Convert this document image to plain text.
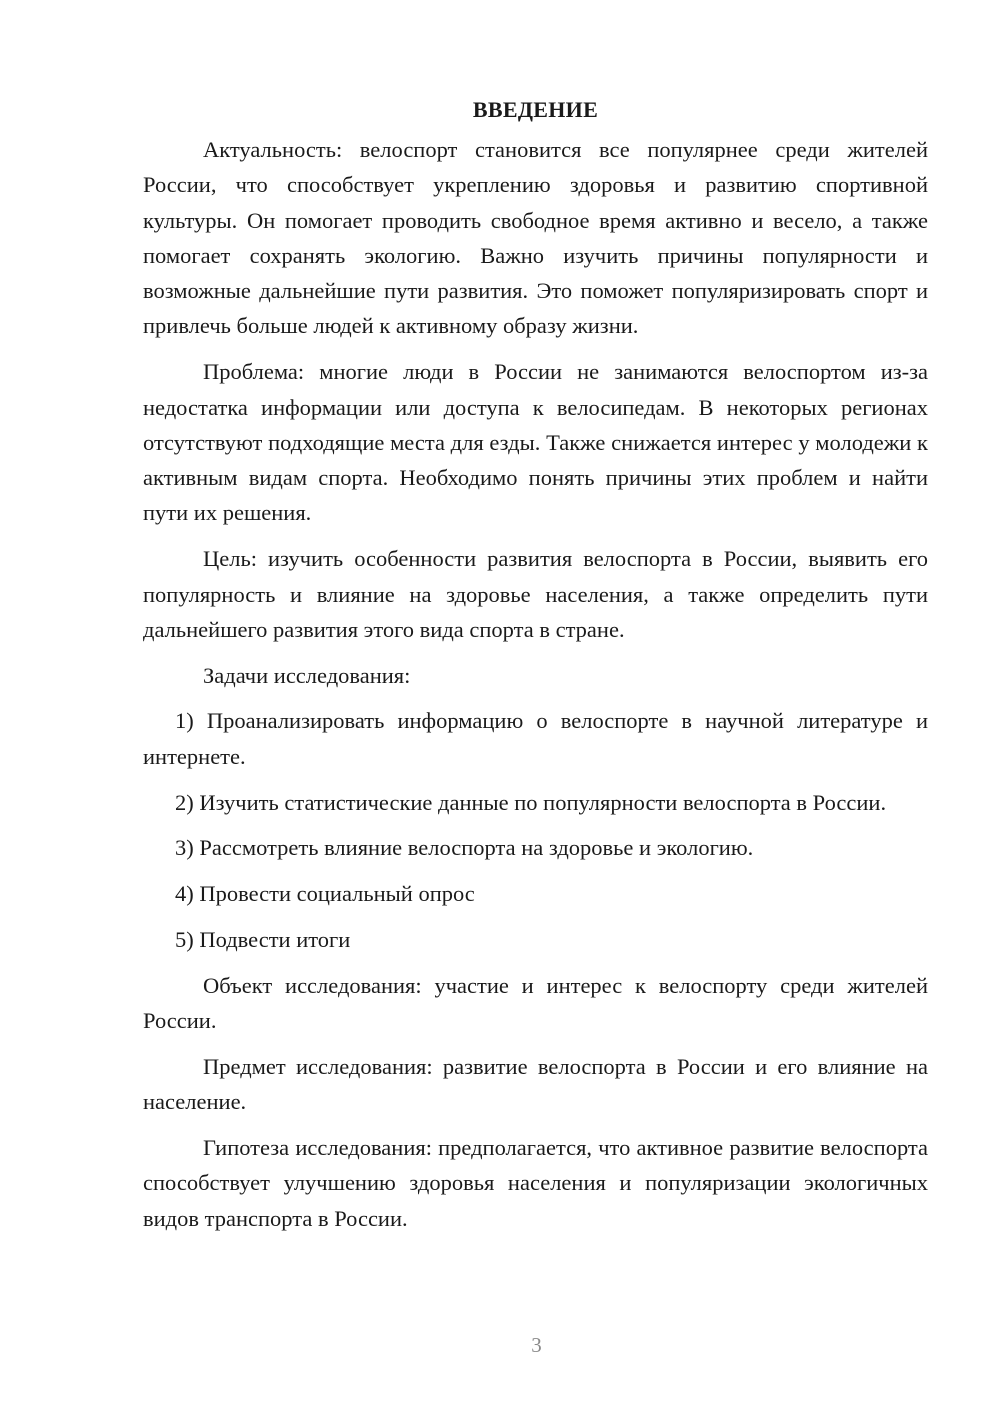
ВВЕДЕНИЕ

Актуальность: велоспорт становится все популярнее среди жителей России, что способствует укреплению здоровья и развитию спортивной культуры. Он помогает проводить свободное время активно и весело, а также помогает сохранять экологию. Важно изучить причины популярности и возможные дальнейшие пути развития. Это поможет популяризировать спорт и привлечь больше людей к активному образу жизни.

Проблема: многие люди в России не занимаются велоспортом из-за недостатка информации или доступа к велосипедам. В некоторых регионах отсутствуют подходящие места для езды. Также снижается интерес у молодежи к активным видам спорта. Необходимо понять причины этих проблем и найти пути их решения.

Цель: изучить особенности развития велоспорта в России, выявить его популярность и влияние на здоровье населения, а также определить пути дальнейшего развития этого вида спорта в стране.

Задачи исследования:

1) Проанализировать информацию о велоспорте в научной литературе и интернете.

2) Изучить статистические данные по популярности велоспорта в России.

3) Рассмотреть влияние велоспорта на здоровье и экологию.

4) Провести социальный опрос

5) Подвести итоги

Объект исследования: участие и интерес к велоспорту среди жителей России.

Предмет исследования: развитие велоспорта в России и его влияние на население.

Гипотеза исследования: предполагается, что активное развитие велоспорта способствует улучшению здоровья населения и популяризации экологичных видов транспорта в России.

3
